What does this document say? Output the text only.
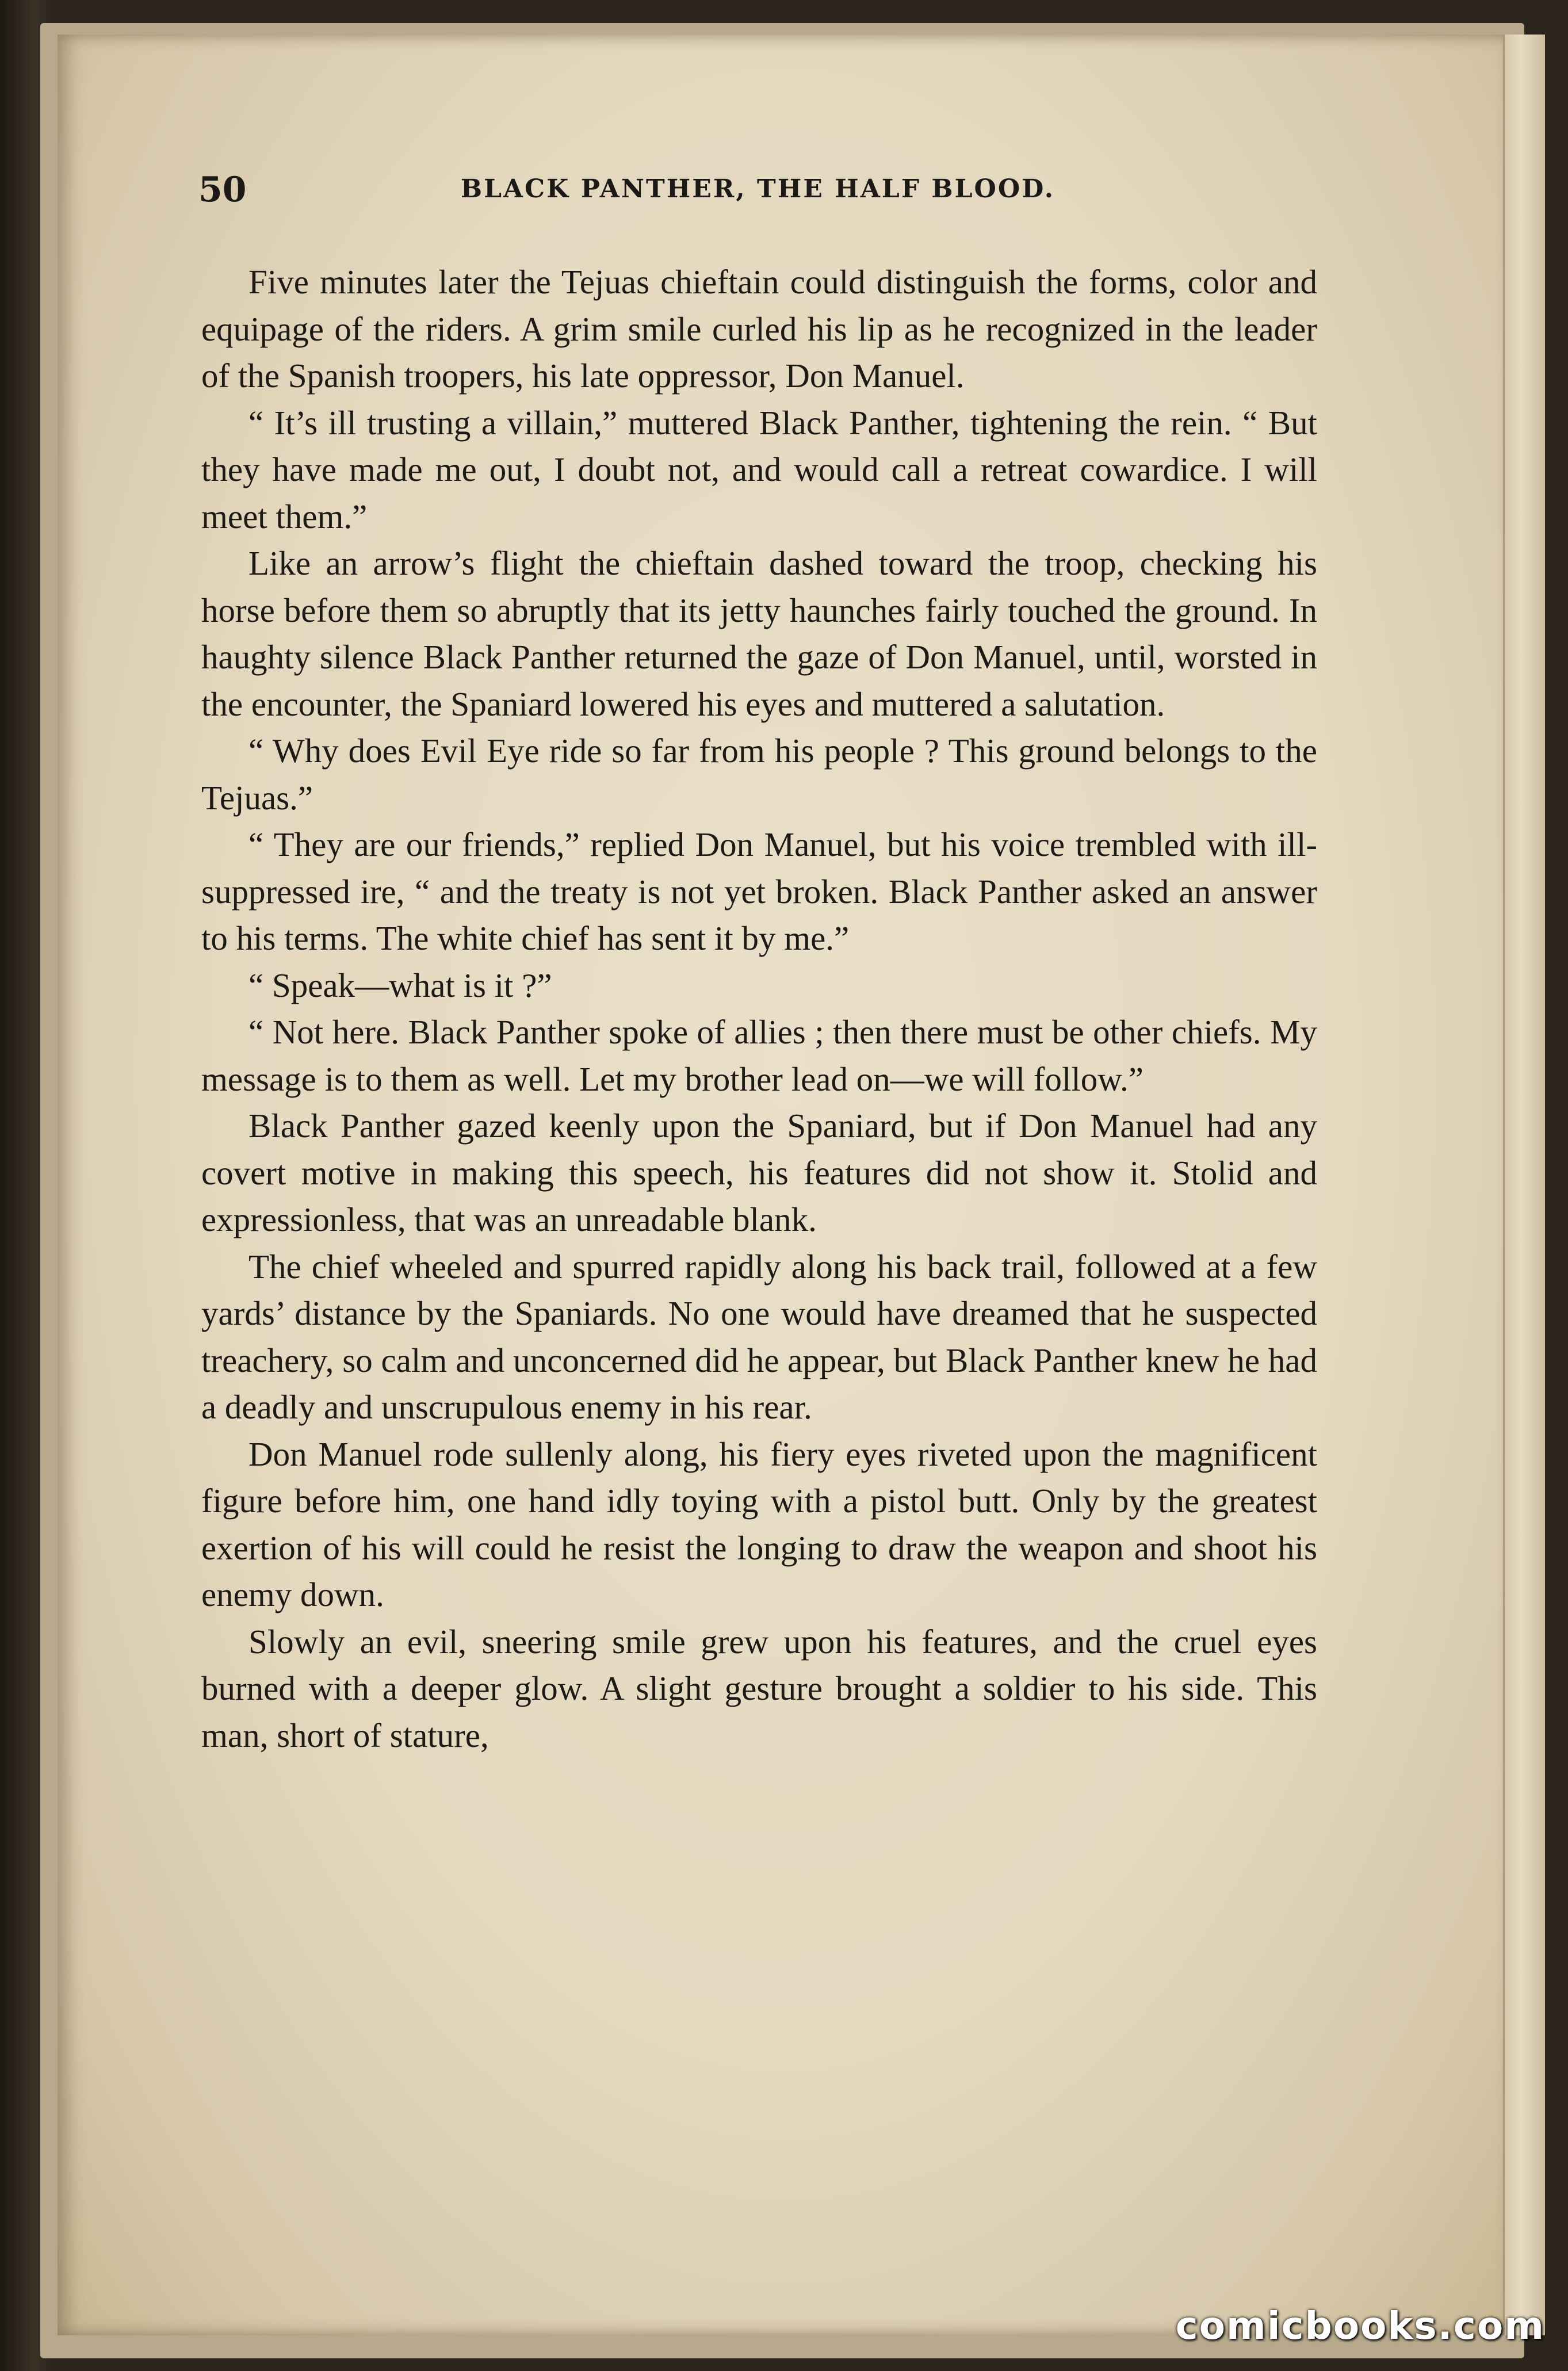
50	BLACK PANTHER, THE HALF BLOOD.

Five minutes later the Tejuas chieftain could distinguish the forms, color and equipage of the riders. A grim smile curled his lip as he recognized in the leader of the Spanish troopers, his late oppressor, Don Manuel.

“ It’s ill trusting a villain,” muttered Black Panther, tightening the rein. “ But they have made me out, I doubt not, and would call a retreat cowardice. I will meet them.”

Like an arrow’s flight the chieftain dashed toward the troop, checking his horse before them so abruptly that its jetty haunches fairly touched the ground. In haughty silence Black Panther returned the gaze of Don Manuel, until, worsted in the encounter, the Spaniard lowered his eyes and muttered a salutation.

“ Why does Evil Eye ride so far from his people ? This ground belongs to the Tejuas.”

“ They are our friends,” replied Don Manuel, but his voice trembled with ill-suppressed ire, “ and the treaty is not yet broken. Black Panther asked an answer to his terms. The white chief has sent it by me.”

“ Speak—what is it ?”

“ Not here. Black Panther spoke of allies ; then there must be other chiefs. My message is to them as well. Let my brother lead on—we will follow.”

Black Panther gazed keenly upon the Spaniard, but if Don Manuel had any covert motive in making this speech, his features did not show it. Stolid and expressionless, that was an unreadable blank.

The chief wheeled and spurred rapidly along his back trail, followed at a few yards’ distance by the Spaniards. No one would have dreamed that he suspected treachery, so calm and unconcerned did he appear, but Black Panther knew he had a deadly and unscrupulous enemy in his rear.

Don Manuel rode sullenly along, his fiery eyes riveted upon the magnificent figure before him, one hand idly toying with a pistol butt. Only by the greatest exertion of his will could he resist the longing to draw the weapon and shoot his enemy down.

Slowly an evil, sneering smile grew upon his features, and the cruel eyes burned with a deeper glow. A slight gesture brought a soldier to his side. This man, short of stature,

comicbooks.com
